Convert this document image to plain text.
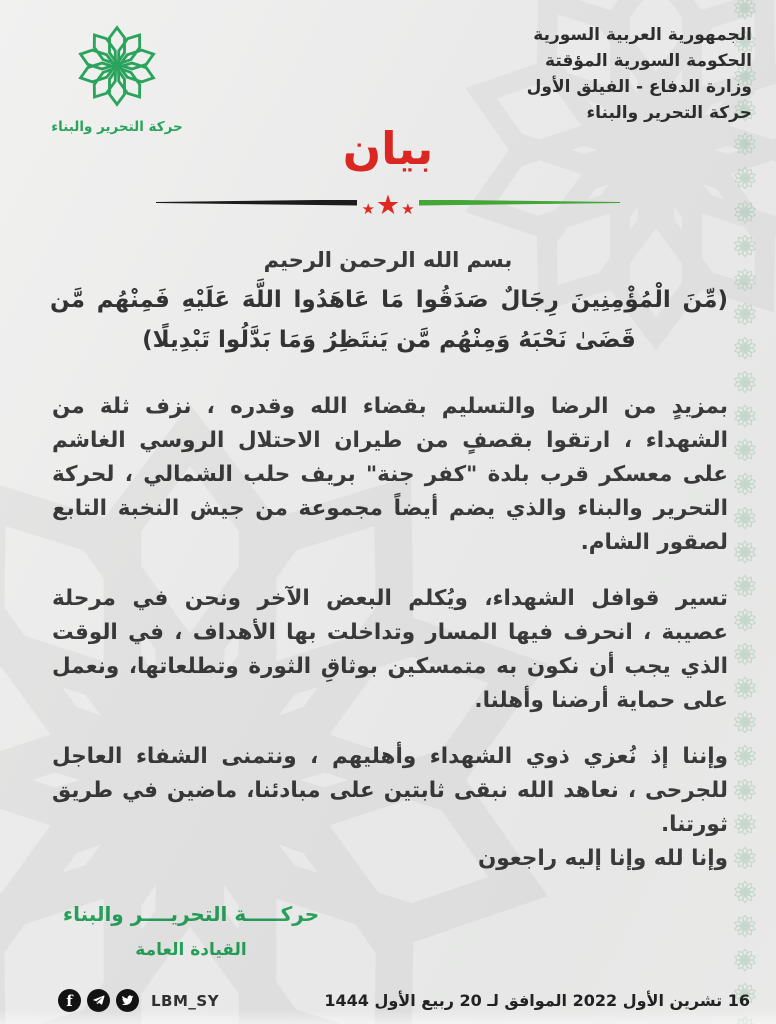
حركة التحرير والبناء
الجمهورية العربية السورية
الحكومة السورية المؤقتة
وزارة الدفاع - الفيلق الأول
حركة التحرير والبناء
بيان
★ ★ ★
بسم الله الرحمن الرحيم
(مِّنَ الْمُؤْمِنِينَ رِجَالٌ صَدَقُوا مَا عَاهَدُوا اللَّهَ عَلَيْهِ فَمِنْهُم مَّن قَضَىٰ نَحْبَهُ وَمِنْهُم مَّن يَنتَظِرُ وَمَا بَدَّلُوا تَبْدِيلًا)

بمزيدٍ من الرضا والتسليم بقضاء الله وقدره ، نزف ثلة من الشهداء ، ارتقوا بقصفٍ من طيران الاحتلال الروسي الغاشم على معسكر قرب بلدة "كفر جنة" بريف حلب الشمالي ، لحركة التحرير والبناء والذي يضم أيضاً مجموعة من جيش النخبة التابع لصقور الشام.

تسير قوافل الشهداء، ويُكلم البعض الآخر ونحن في مرحلة عصيبة ، انحرف فيها المسار وتداخلت بها الأهداف ، في الوقت الذي يجب أن نكون به متمسكين بوثاقِ الثورة وتطلعاتها، ونعمل على حماية أرضنا وأهلنا.

وإننا إذ نُعزي ذوي الشهداء وأهليهم ، ونتمنى الشفاء العاجل للجرحى ، نعاهد الله نبقى ثابتين على مبادئنا، ماضين في طريق ثورتنا.

وإنا لله وإنا إليه راجعون
حركـــــة التحريــــر والبناء
القيادة العامة
f	LBM_SY	16 تشرين الأول 2022 الموافق لـ 20 ربيع الأول 1444
